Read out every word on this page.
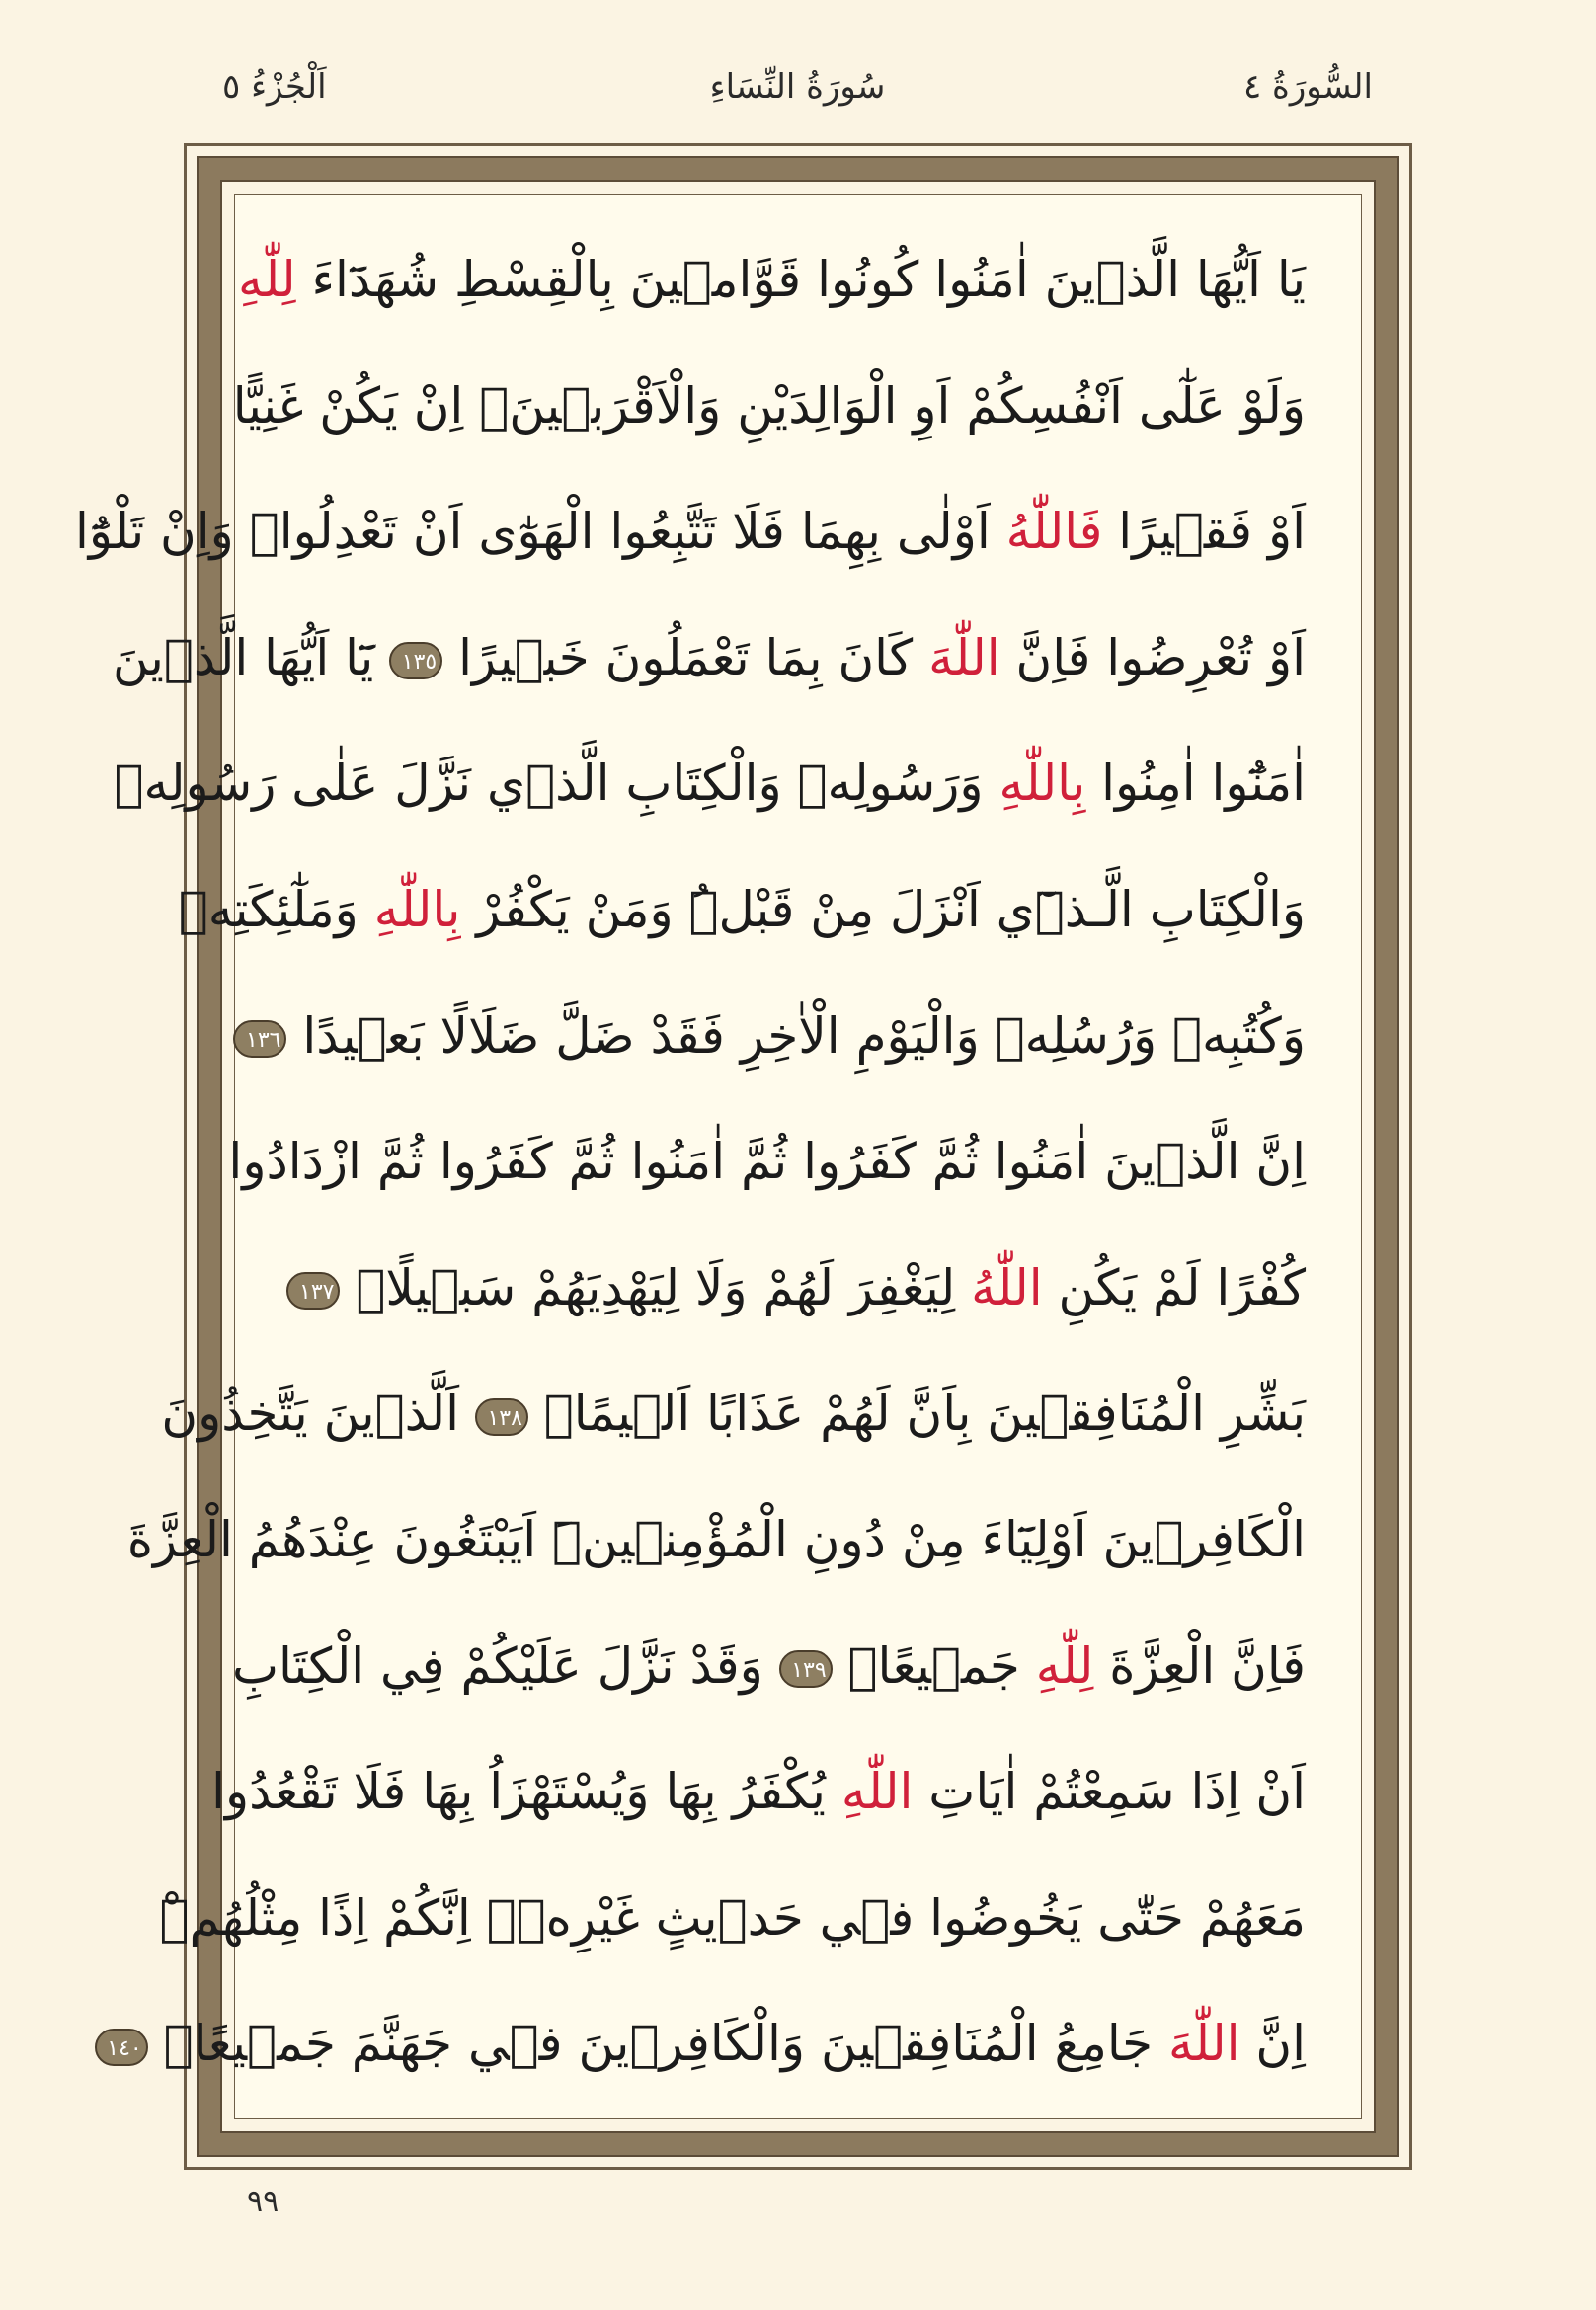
السُّورَةُ ٤
سُورَةُ النِّسَاءِ
اَلْجُزْءُ ٥
يَا اَيُّهَا الَّذ۪ينَ اٰمَنُوا كُونُوا قَوَّام۪ينَ بِالْقِسْطِ شُهَدَٓاءَ لِلّٰهِ
وَلَوْ عَلٰٓى اَنْفُسِكُمْ اَوِ الْوَالِدَيْنِ وَالْاَقْرَب۪ينَۚ اِنْ يَكُنْ غَنِيًّا
اَوْ فَق۪يرًا فَاللّٰهُ اَوْلٰى بِهِمَا فَلَا تَتَّبِعُوا الْهَوٰٓى اَنْ تَعْدِلُواۚ وَاِنْ تَلْوُٓا
اَوْ تُعْرِضُوا فَاِنَّ اللّٰهَ كَانَ بِمَا تَعْمَلُونَ خَب۪يرًا ١٣٥ يَٓا اَيُّهَا الَّذ۪ينَ
اٰمَنُٓوا اٰمِنُوا بِاللّٰهِ وَرَسُولِه۪ وَالْكِتَابِ الَّذ۪ي نَزَّلَ عَلٰى رَسُولِه۪
وَالْكِتَابِ الَّـذ۪ٓي اَنْزَلَ مِنْ قَبْلُۜ وَمَنْ يَكْفُرْ بِاللّٰهِ وَمَلٰٓئِكَتِه۪
وَكُتُبِه۪ وَرُسُلِه۪ وَالْيَوْمِ الْاٰخِرِ فَقَدْ ضَلَّ ضَلَالًا بَع۪يدًا ١٣٦
اِنَّ الَّذ۪ينَ اٰمَنُوا ثُمَّ كَفَرُوا ثُمَّ اٰمَنُوا ثُمَّ كَفَرُوا ثُمَّ ازْدَادُوا
كُفْرًا لَمْ يَكُنِ اللّٰهُ لِيَغْفِرَ لَهُمْ وَلَا لِيَهْدِيَهُمْ سَب۪يلًاۜ ١٣٧
بَشِّرِ الْمُنَافِق۪ينَ بِاَنَّ لَهُمْ عَذَابًا اَل۪يمًاۙ ١٣٨ اَلَّذ۪ينَ يَتَّخِذُونَ
الْكَافِر۪ينَ اَوْلِيَٓاءَ مِنْ دُونِ الْمُؤْمِن۪ينَۜ اَيَبْتَغُونَ عِنْدَهُمُ الْعِزَّةَ
فَاِنَّ الْعِزَّةَ لِلّٰهِ جَم۪يعًاۜ ١٣٩ وَقَدْ نَزَّلَ عَلَيْكُمْ فِي الْكِتَابِ
اَنْ اِذَا سَمِعْتُمْ اٰيَاتِ اللّٰهِ يُكْفَرُ بِهَا وَيُسْتَهْزَاُ بِهَا فَلَا تَقْعُدُوا
مَعَهُمْ حَتّٰى يَخُوضُوا ف۪ي حَد۪يثٍ غَيْرِه۪ۘ اِنَّكُمْ اِذًا مِثْلُهُمْۜ
اِنَّ اللّٰهَ جَامِعُ الْمُنَافِق۪ينَ وَالْكَافِر۪ينَ ف۪ي جَهَنَّمَ جَم۪يعًاۙ ١٤٠
٩٩
